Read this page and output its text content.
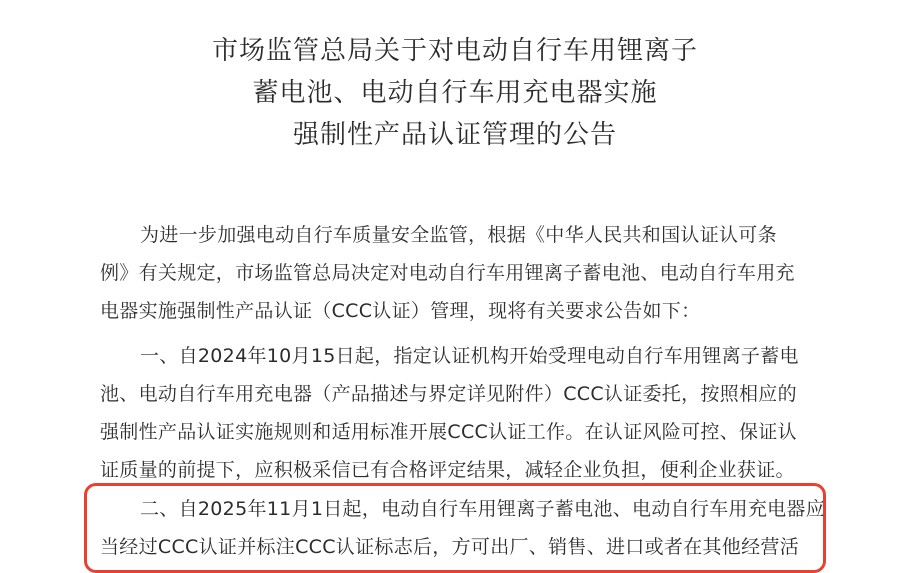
市场监管总局关于对电动自行车用锂离子
蓄电池、电动自行车用充电器实施
强制性产品认证管理的公告
为进一步加强电动自行车质量安全监管，根据《中华人民共和国认证认可条
例》有关规定，市场监管总局决定对电动自行车用锂离子蓄电池、电动自行车用充
电器实施强制性产品认证（CCC认证）管理，现将有关要求公告如下：
一、自2024年10月15日起，指定认证机构开始受理电动自行车用锂离子蓄电
池、电动自行车用充电器（产品描述与界定详见附件）CCC认证委托，按照相应的
强制性产品认证实施规则和适用标准开展CCC认证工作。在认证风险可控、保证认
证质量的前提下，应积极采信已有合格评定结果，减轻企业负担，便利企业获证。
二、自2025年11月1日起，电动自行车用锂离子蓄电池、电动自行车用充电器应
当经过CCC认证并标注CCC认证标志后，方可出厂、销售、进口或者在其他经营活
